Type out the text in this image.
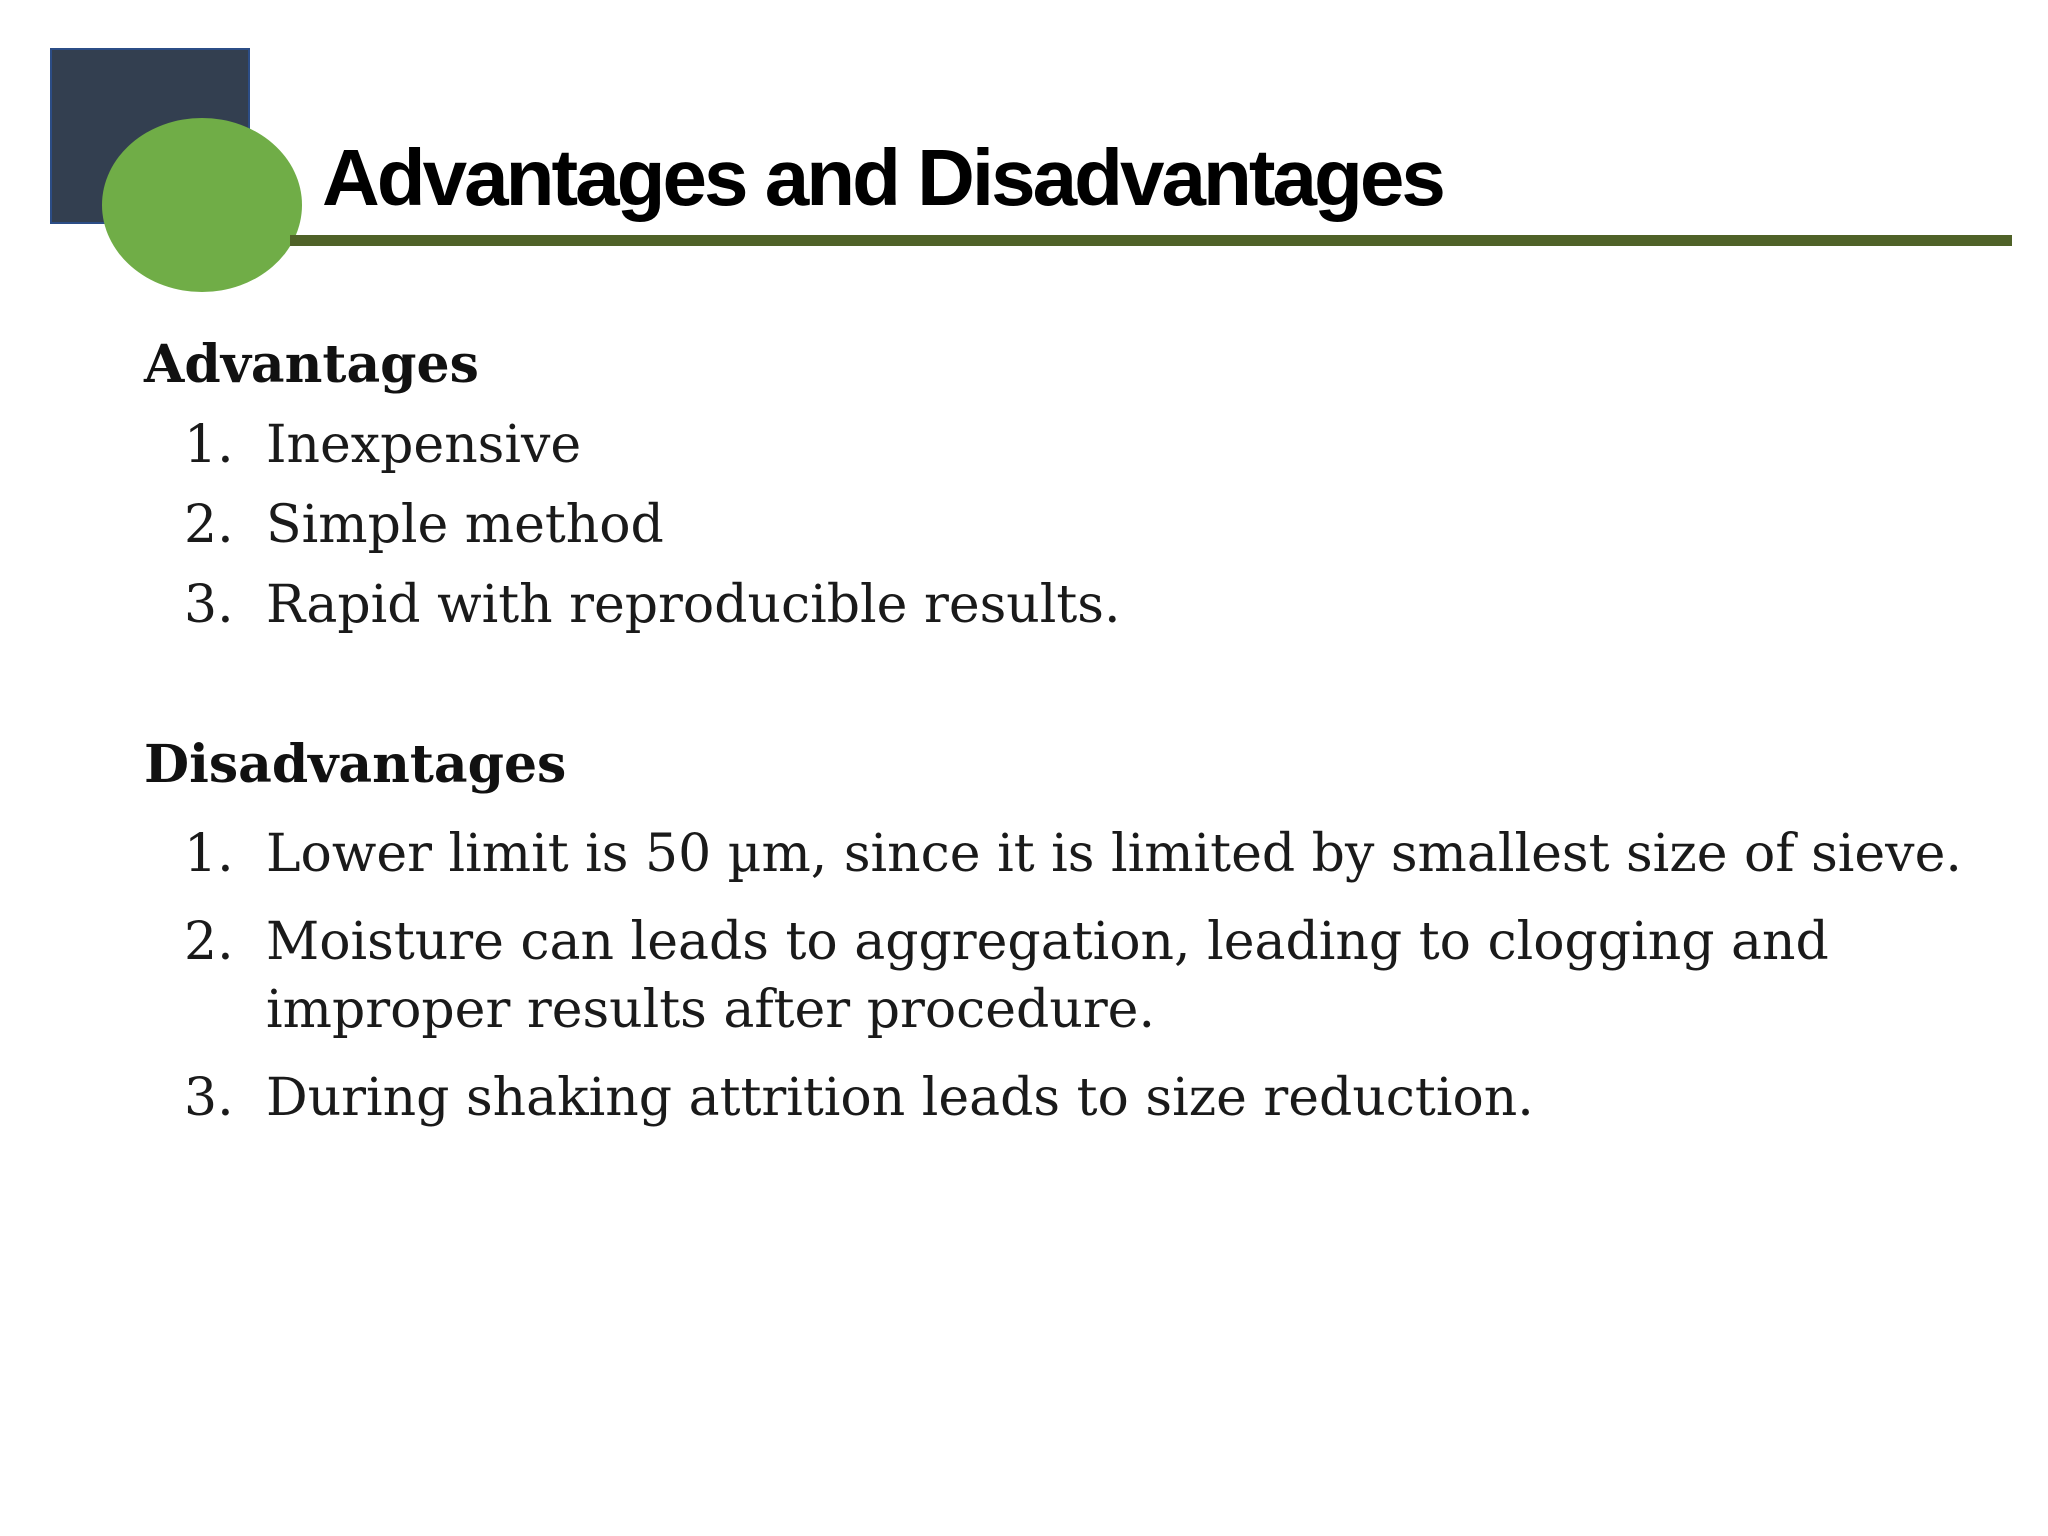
Advantages and Disadvantages
Advantages
1. Inexpensive
2. Simple method
3. Rapid with reproducible results.
Disadvantages
1. Lower limit is 50 µm, since it is limited by smallest size of sieve.
2. Moisture can leads to aggregation, leading to clogging and improper results after procedure.
3. During shaking attrition leads to size reduction.
